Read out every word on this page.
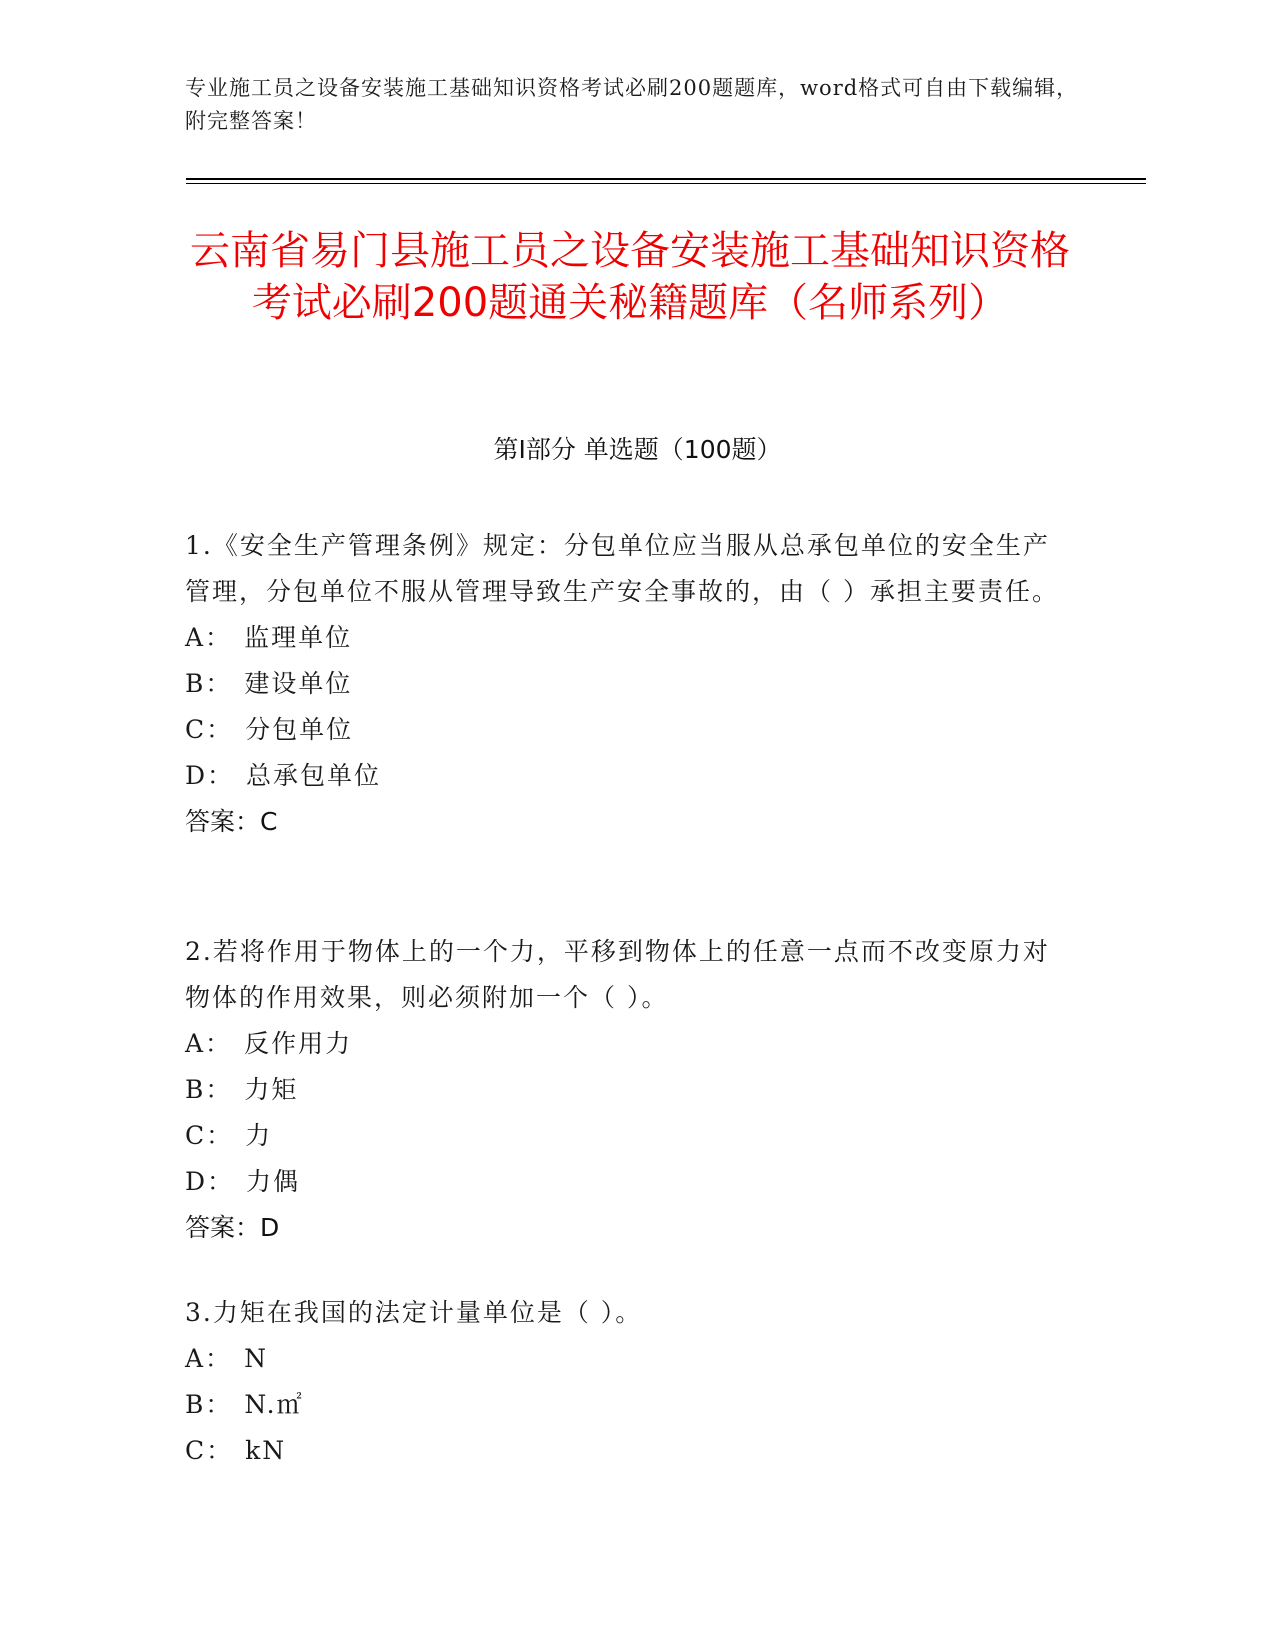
专业施工员之设备安装施工基础知识资格考试必刷200题题库，word格式可自由下载编辑，附完整答案！
云南省易门县施工员之设备安装施工基础知识资格考试必刷200题通关秘籍题库（名师系列）
第Ⅰ部分 单选题（100题）
1.《安全生产管理条例》规定：分包单位应当服从总承包单位的安全生产管理，分包单位不服从管理导致生产安全事故的，由（ ）承担主要责任。
A： 监理单位
B： 建设单位
C： 分包单位
D： 总承包单位
答案：C
2.若将作用于物体上的一个力，平移到物体上的任意一点而不改变原力对物体的作用效果，则必须附加一个（ ）。
A： 反作用力
B： 力矩
C： 力
D： 力偶
答案：D
3.力矩在我国的法定计量单位是（ ）。
A： N
B： N.㎡
C： kN
